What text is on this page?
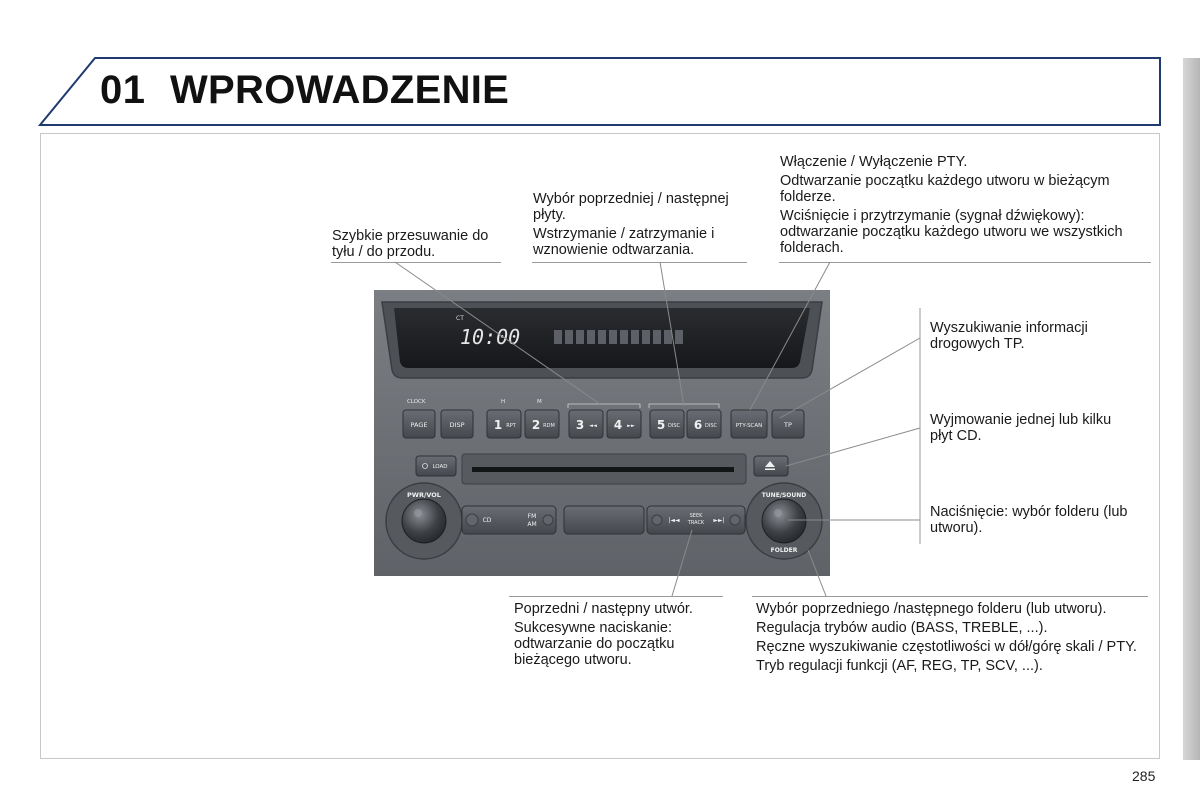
01 WPROWADZENIE

Szybkie przesuwanie do tyłu / do przodu.

Wybór poprzedniej / następnej płyty.

Wstrzymanie / zatrzymanie i wznowienie odtwarzania.

Włączenie / Wyłączenie PTY.

Odtwarzanie początku każdego utworu w bieżącym folderze.

Wciśnięcie i przytrzymanie (sygnał dźwiękowy): odtwarzanie początku każdego utworu we wszystkich folderach.

Wyszukiwanie informacji drogowych TP.

Wyjmowanie jednej lub kilku płyt CD.

Naciśnięcie: wybór folderu (lub utworu).

Poprzedni / następny utwór.

Sukcesywne naciskanie: odtwarzanie do początku bieżącego utworu.

Wybór poprzedniego /następnego folderu (lub utworu).

Regulacja trybów audio (BASS, TREBLE, ...).

Ręczne wyszukiwanie częstotliwości w dół/górę skali / PTY.

Tryb regulacji funkcji (AF, REG, TP, SCV, ...).

CT
10:00
CLOCK	H	M
PAGE	DISP 1 RPT 2 RDM 3 ◄◄ 4 ►► 5 DISC 6 DISC	PTY-SCAN	TP
LOAD
PWR/VOL
CD
FM
AM
|◄◄
SEEK
TRACK ►►|
TUNE/SOUND
FOLDER
285
